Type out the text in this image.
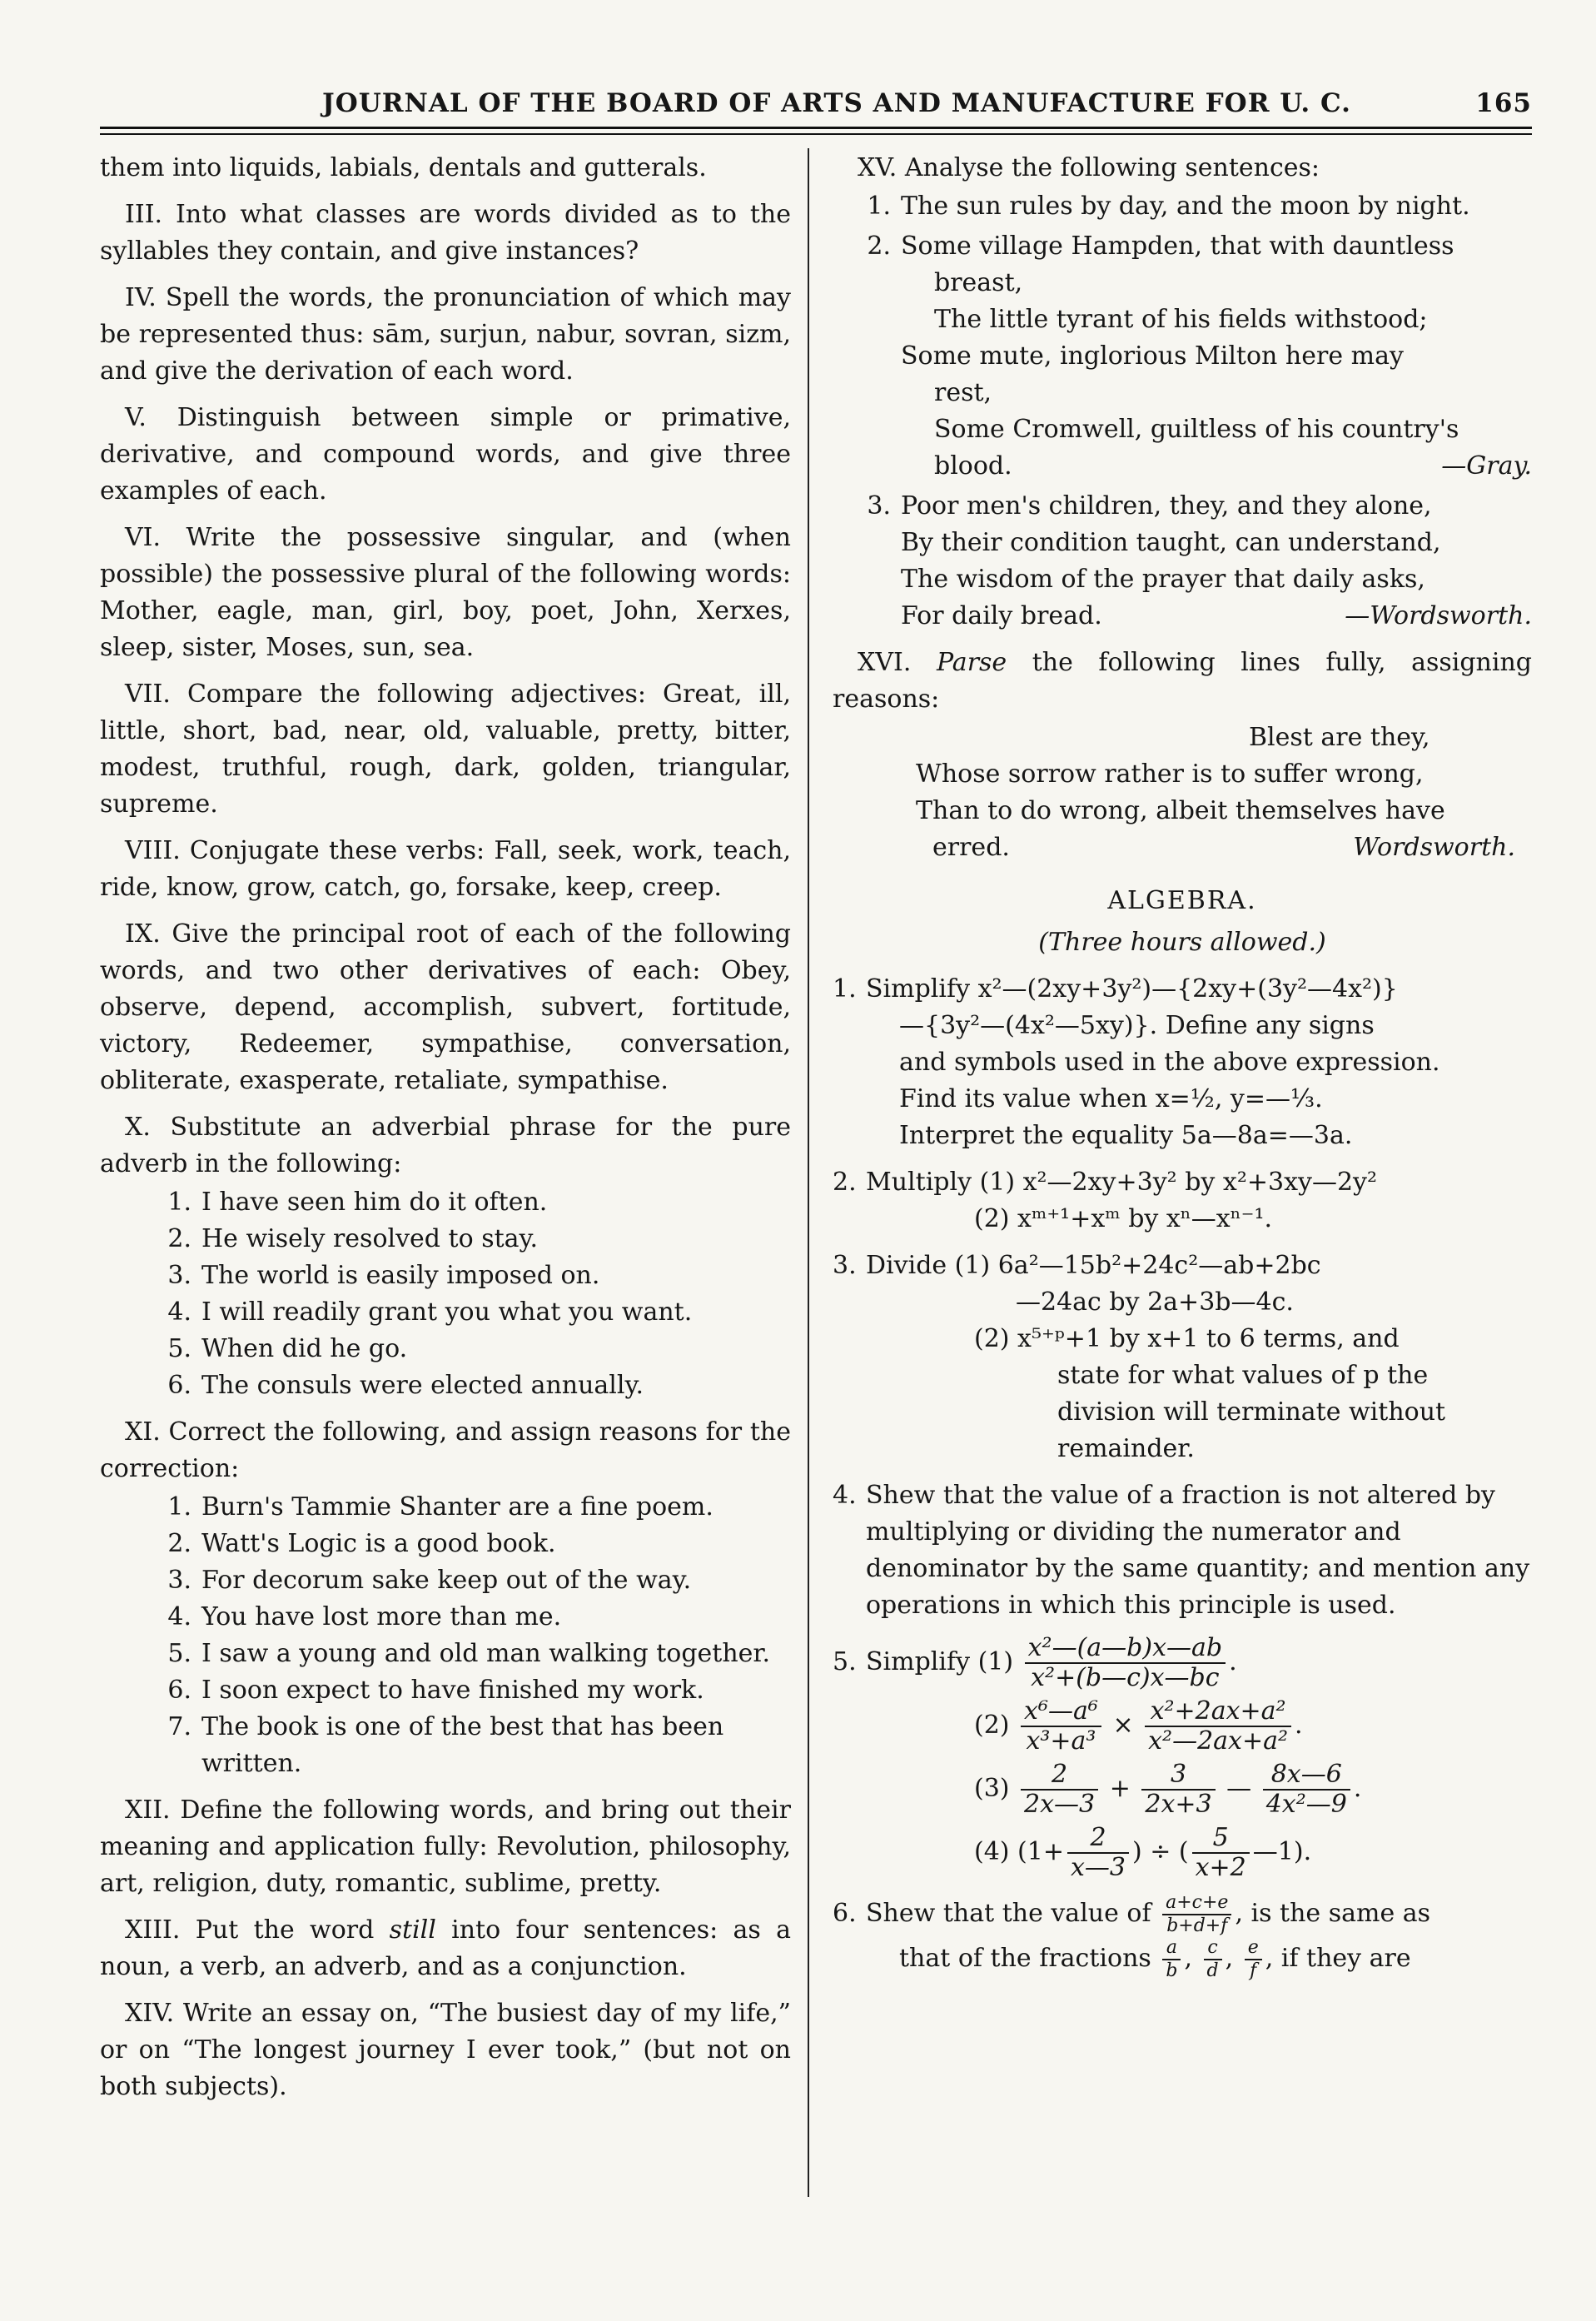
JOURNAL OF THE BOARD OF ARTS AND MANUFACTURE FOR U. C.	165

them into liquids, labials, dentals and gutterals.

III. Into what classes are words divided as to the syllables they contain, and give instances?

IV. Spell the words, the pronunciation of which may be represented thus: sām, surjun, nabur, sovran, sizm, and give the derivation of each word.

V. Distinguish between simple or primative, derivative, and compound words, and give three examples of each.

VI. Write the possessive singular, and (when possible) the possessive plural of the following words: Mother, eagle, man, girl, boy, poet, John, Xerxes, sleep, sister, Moses, sun, sea.

VII. Compare the following adjectives: Great, ill, little, short, bad, near, old, valuable, pretty, bitter, modest, truthful, rough, dark, golden, triangular, supreme.

VIII. Conjugate these verbs: Fall, seek, work, teach, ride, know, grow, catch, go, forsake, keep, creep.

IX. Give the principal root of each of the following words, and two other derivatives of each: Obey, observe, depend, accomplish, subvert, fortitude, victory, Redeemer, sympathise, conversation, obliterate, exasperate, retaliate, sympathise.

X. Substitute an adverbial phrase for the pure adverb in the following:

1. I have seen him do it often.
2. He wisely resolved to stay.
3. The world is easily imposed on.
4. I will readily grant you what you want.
5. When did he go.
6. The consuls were elected annually.

XI. Correct the following, and assign reasons for the correction:

1. Burn's Tammie Shanter are a fine poem.
2. Watt's Logic is a good book.
3. For decorum sake keep out of the way.
4. You have lost more than me.
5. I saw a young and old man walking together.
6. I soon expect to have finished my work.
7. The book is one of the best that has been written.

XII. Define the following words, and bring out their meaning and application fully: Revolution, philosophy, art, religion, duty, romantic, sublime, pretty.

XIII. Put the word still into four sentences: as a noun, a verb, an adverb, and as a conjunction.

XIV. Write an essay on, “The busiest day of my life,” or on “The longest journey I ever took,” (but not on both subjects).

XV. Analyse the following sentences:

1. The sun rules by day, and the moon by night.
2. Some village Hampden, that with dauntless
breast,
The little tyrant of his fields withstood;
Some mute, inglorious Milton here may
rest,
Some Cromwell, guiltless of his country's
blood.	—Gray.
3. Poor men's children, they, and they alone,
By their condition taught, can understand,
The wisdom of the prayer that daily asks,
For daily bread.	—Wordsworth.

XVI. Parse the following lines fully, assigning reasons:

Blest are they,
Whose sorrow rather is to suffer wrong,
Than to do wrong, albeit themselves have
erred.	Wordsworth.
ALGEBRA.
(Three hours allowed.)
1. Simplify x²—(2xy+3y²)—{2xy+(3y²—4x²)}
—{3y²—(4x²—5xy)}. Define any signs
and symbols used in the above expression.
Find its value when x=½, y=—⅓.
Interpret the equality 5a—8a=—3a.
2. Multiply (1) x²—2xy+3y² by x²+3xy—2y²
(2) xᵐ⁺¹+xᵐ by xⁿ—xⁿ⁻¹.
3. Divide (1) 6a²—15b²+24c²—ab+2bc
—24ac by 2a+3b—4c.
(2) x⁵⁺ᵖ+1 by x+1 to 6 terms, and
state for what values of p the
division will terminate without
remainder.
4. Shew that the value of a fraction is not altered by multiplying or dividing the numerator and denominator by the same quantity; and mention any operations in which this principle is used.
5. Simplify $(1) \frac{\text{x²—(a—b)x—ab}}{\text{x²+(b—c)x—bc}}$ .
$(2) \frac{\text{x⁶—a⁶}}{\text{x³+a³}} \times \frac{\text{x²+2ax+a²}}{\text{x²—2ax+a²}}$ .
$(3) \frac{2}{2x—3} + \frac{3}{2x+3}$ — $\frac{8x—6}{\text{4x²—9}}$ .
(4) ($1+ \frac{2}{x—3}$ ) ÷ ( $\frac{5}{x+2}$ —1).
6. Shew that the value of $\frac{a+c+e}{b+d+f}$ , is the same as
that of the fractions $\frac{a}{b}$ , $\frac{c}{d}$ , $\frac{e}{f}$ , if they are
